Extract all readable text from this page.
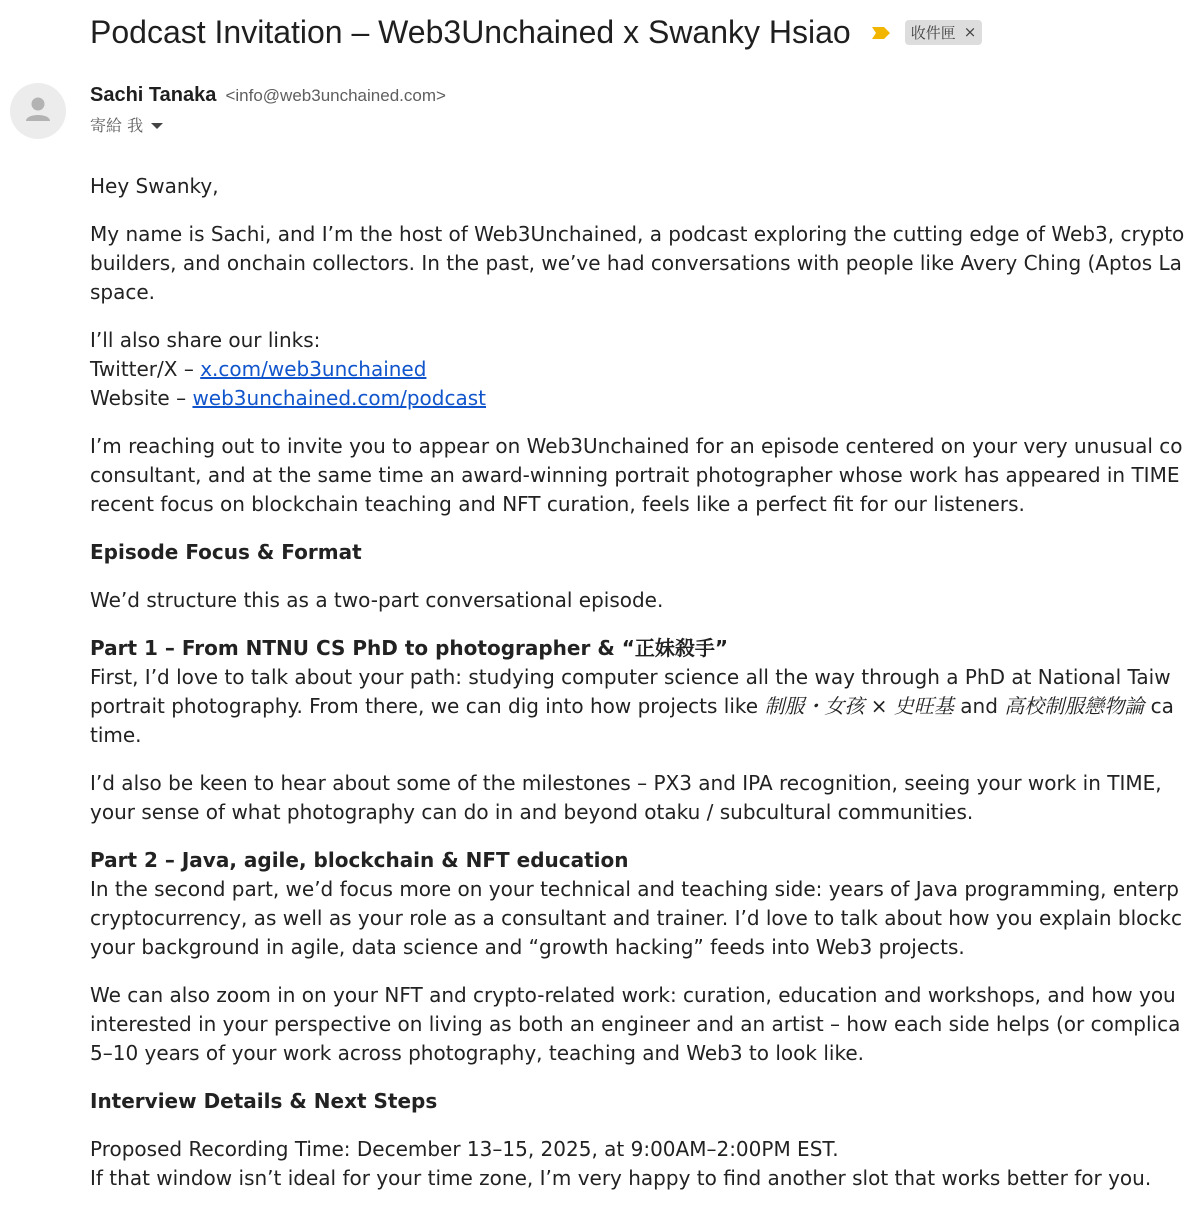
Podcast Invitation – Web3Unchained x Swanky Hsiao	收件匣 ×
Sachi Tanaka <info@web3unchained.com>
寄給 我

Hey Swanky,

My name is Sachi, and I’m the host of Web3Unchained, a podcast exploring the cutting edge of Web3, crypto
builders, and onchain collectors. In the past, we’ve had conversations with people like Avery Ching (Aptos La
space.

I’ll also share our links:
Twitter/X – x.com/web3unchained
Website – web3unchained.com/podcast

I’m reaching out to invite you to appear on Web3Unchained for an episode centered on your very unusual co
consultant, and at the same time an award-winning portrait photographer whose work has appeared in TIME
recent focus on blockchain teaching and NFT curation, feels like a perfect fit for our listeners.

Episode Focus & Format

We’d structure this as a two-part conversational episode.

Part 1 – From NTNU CS PhD to photographer & “正妹殺手”
First, I’d love to talk about your path: studying computer science all the way through a PhD at National Taiw
portrait photography. From there, we can dig into how projects like 制服・女孩 × 史旺基 and 高校制服戀物論 ca
time.

I’d also be keen to hear about some of the milestones – PX3 and IPA recognition, seeing your work in TIME,
your sense of what photography can do in and beyond otaku / subcultural communities.

Part 2 – Java, agile, blockchain & NFT education
In the second part, we’d focus more on your technical and teaching side: years of Java programming, enterp
cryptocurrency, as well as your role as a consultant and trainer. I’d love to talk about how you explain blockc
your background in agile, data science and “growth hacking” feeds into Web3 projects.

We can also zoom in on your NFT and crypto-related work: curation, education and workshops, and how you
interested in your perspective on living as both an engineer and an artist – how each side helps (or complica
5–10 years of your work across photography, teaching and Web3 to look like.

Interview Details & Next Steps

Proposed Recording Time: December 13–15, 2025, at 9:00AM–2:00PM EST.
If that window isn’t ideal for your time zone, I’m very happy to find another slot that works better for you.
